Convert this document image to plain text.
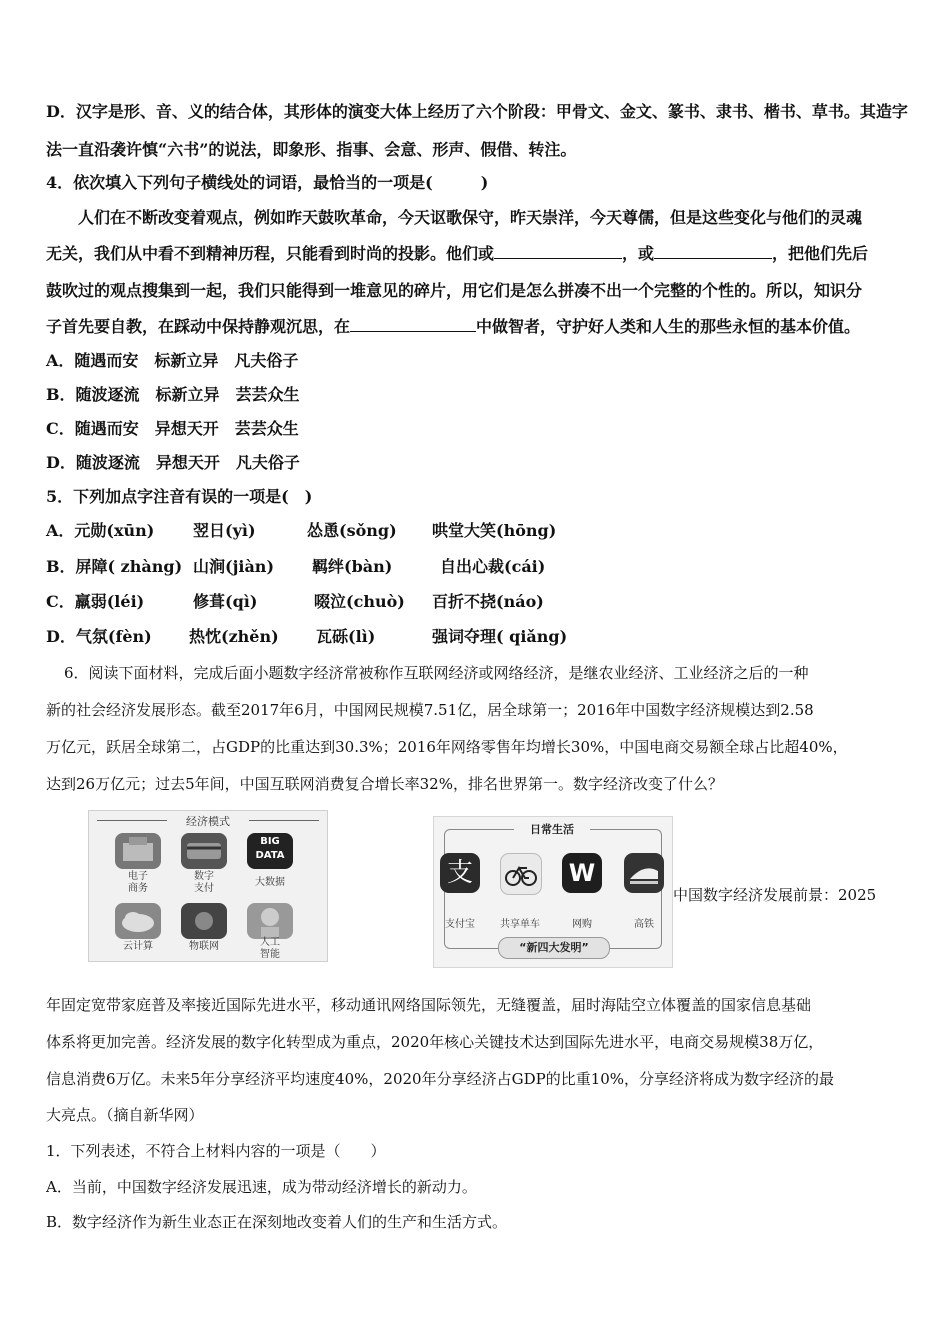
D．汉字是形、音、义的结合体，其形体的演变大体上经历了六个阶段：甲骨文、金文、篆书、隶书、楷书、草书。其造字
法一直沿袭许慎“六书”的说法，即象形、指事、会意、形声、假借、转注。
4．依次填入下列句子横线处的词语，最恰当的一项是(　　　)
人们在不断改变着观点，例如昨天鼓吹革命，今天讴歌保守，昨天崇洋，今天尊儒，但是这些变化与他们的灵魂
无关，我们从中看不到精神历程，只能看到时尚的投影。他们或	，或	，把他们先后
鼓吹过的观点搜集到一起，我们只能得到一堆意见的碎片，用它们是怎么拼凑不出一个完整的个性的。所以，知识分
子首先要自教，在踩动中保持静观沉思，在	中做智者，守护好人类和人生的那些永恒的基本价值。
A．随遇而安　标新立异　凡夫俗子
B．随波逐流　标新立异　芸芸众生
C．随遇而安　异想天开　芸芸众生
D．随波逐流　异想天开　凡夫俗子
5．下列加点字注音有误的一项是(　)
A．元勋(xūn) 翌日(yì)	怂恿(sǒng) 哄堂大笑(hōng)
B．屏障( zhàng) 山涧(jiàn) 羁绊(bàn)	自出心裁(cái)
C．羸弱(léi)	修葺(qì)	啜泣(chuò) 百折不挠(náo)
D．气氛(fèn) 热忱(zhěn) 瓦砾(lì)	强词夺理( qiǎng)
6．阅读下面材料，完成后面小题数字经济常被称作互联网经济或网络经济，是继农业经济、工业经济之后的一种
新的社会经济发展形态。截至2017年6月，中国网民规模7.51亿，居全球第一；2016年中国数字经济规模达到2.58
万亿元，跃居全球第二，占GDP的比重达到30.3%；2016年网络零售年均增长30%，中国电商交易额全球占比超40%，
达到26万亿元；过去5年间，中国互联网消费复合增长率32%，排名世界第一。数字经济改变了什么？
经济模式
BIG DATA
电子
商务
数字
支付
大数据
云计算	物联网	人工
智能
日常生活
支	W
支付宝	共享单车	网购	高铁
“新四大发明”
中国数字经济发展前景：2025
年固定宽带家庭普及率接近国际先进水平，移动通讯网络国际领先，无缝覆盖，届时海陆空立体覆盖的国家信息基础
体系将更加完善。经济发展的数字化转型成为重点，2020年核心关键技术达到国际先进水平，电商交易规模38万亿，
信息消费6万亿。未来5年分享经济平均速度40%，2020年分享经济占GDP的比重10%，分享经济将成为数字经济的最
大亮点。（摘自新华网）
1．下列表述，不符合上材料内容的一项是（　　）
A．当前，中国数字经济发展迅速，成为带动经济增长的新动力。
B．数字经济作为新生业态正在深刻地改变着人们的生产和生活方式。
